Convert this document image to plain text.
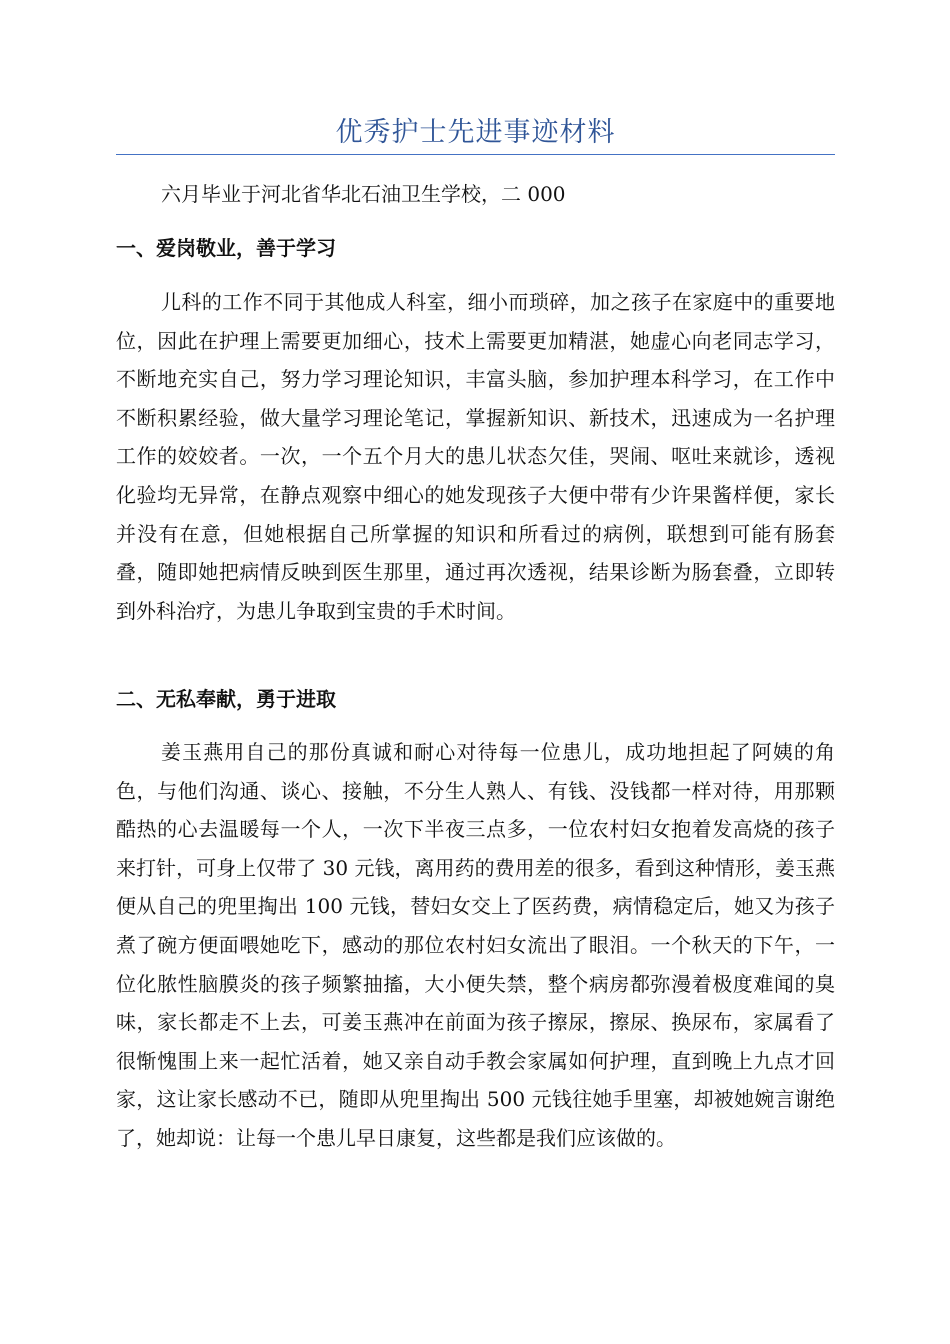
优秀护士先进事迹材料
六月毕业于河北省华北石油卫生学校，二 000
一、爱岗敬业，善于学习
儿科的工作不同于其他成人科室，细小而琐碎，加之孩子在家庭中的重要地位，因此在护理上需要更加细心，技术上需要更加精湛，她虚心向老同志学习，不断地充实自己，努力学习理论知识，丰富头脑，参加护理本科学习，在工作中不断积累经验，做大量学习理论笔记，掌握新知识、新技术，迅速成为一名护理工作的姣姣者。一次，一个五个月大的患儿状态欠佳，哭闹、呕吐来就诊，透视化验均无异常，在静点观察中细心的她发现孩子大便中带有少许果酱样便，家长并没有在意，但她根据自己所掌握的知识和所看过的病例，联想到可能有肠套叠，随即她把病情反映到医生那里，通过再次透视，结果诊断为肠套叠，立即转到外科治疗，为患儿争取到宝贵的手术时间。
二、无私奉献，勇于进取
姜玉燕用自己的那份真诚和耐心对待每一位患儿，成功地担起了阿姨的角色，与他们沟通、谈心、接触，不分生人熟人、有钱、没钱都一样对待，用那颗酷热的心去温暖每一个人，一次下半夜三点多，一位农村妇女抱着发高烧的孩子来打针，可身上仅带了 30 元钱，离用药的费用差的很多，看到这种情形，姜玉燕便从自己的兜里掏出 100 元钱，替妇女交上了医药费，病情稳定后，她又为孩子煮了碗方便面喂她吃下，感动的那位农村妇女流出了眼泪。一个秋天的下午，一位化脓性脑膜炎的孩子频繁抽搐，大小便失禁，整个病房都弥漫着极度难闻的臭味，家长都走不上去，可姜玉燕冲在前面为孩子擦尿，擦尿、换尿布，家属看了很惭愧围上来一起忙活着，她又亲自动手教会家属如何护理，直到晚上九点才回家，这让家长感动不已，随即从兜里掏出 500 元钱往她手里塞，却被她婉言谢绝了，她却说：让每一个患儿早日康复，这些都是我们应该做的。
